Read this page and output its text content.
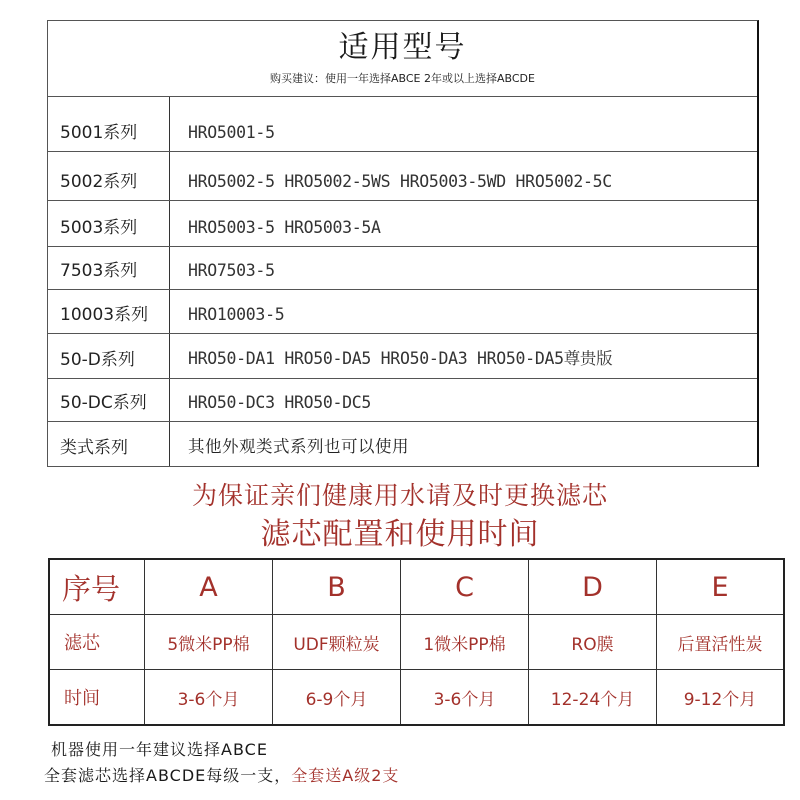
适用型号
购买建议：使用一年选择ABCE 2年或以上选择ABCDE
5001系列	HRO5001-5
5002系列	HRO5002-5 HRO5002-5WS HRO5003-5WD HRO5002-5C
5003系列	HRO5003-5 HRO5003-5A
7503系列	HRO7503-5
10003系列	HRO10003-5
50-D系列	HRO50-DA1 HRO50-DA5 HRO50-DA3 HRO50-DA5尊贵版
50-DC系列	HRO50-DC3 HRO50-DC5
类式系列	其他外观类式系列也可以使用
为保证亲们健康用水请及时更换滤芯
滤芯配置和使用时间
序号	A	B	C	D	E
滤芯	5微米PP棉	UDF颗粒炭	1微米PP棉	RO膜	后置活性炭
时间	3-6个月	6-9个月	3-6个月	12-24个月	9-12个月
机器使用一年建议选择ABCE
全套滤芯选择ABCDE每级一支，全套送A级2支
